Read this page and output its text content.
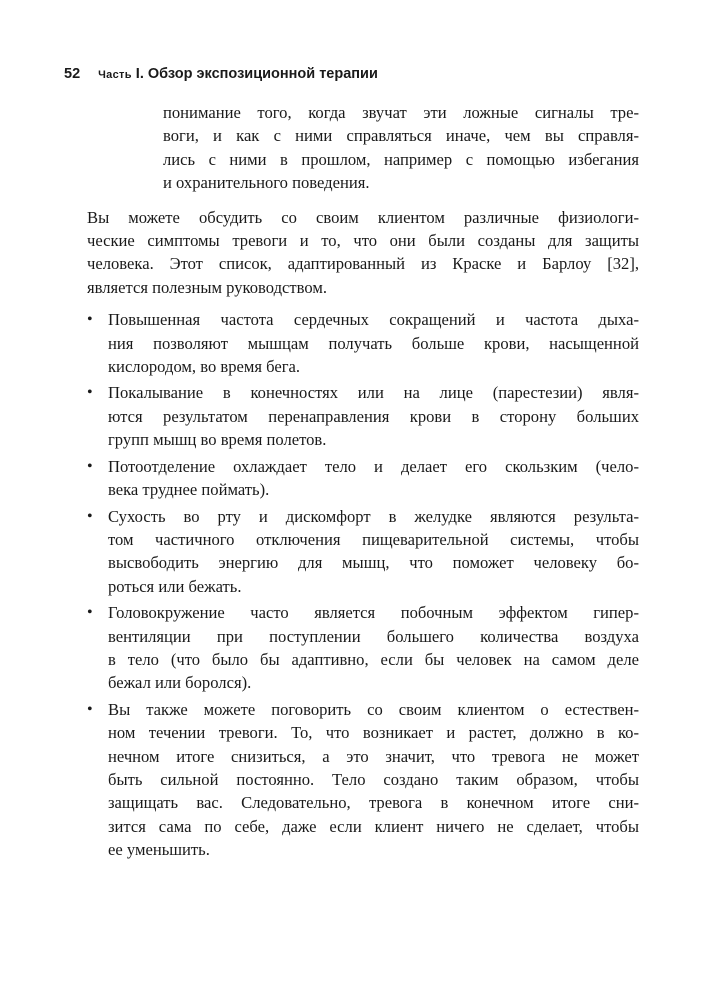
52 Часть I. Обзор экспозиционной терапии

понимание того, когда звучат эти ложные сигналы тре-
воги, и как с ними справляться иначе, чем вы справля-
лись с ними в прошлом, например с помощью избегания
и охранительного поведения.

Вы можете обсудить со своим клиентом различные физиологи-
ческие симптомы тревоги и то, что они были созданы для защиты
человека. Этот список, адаптированный из Краске и Барлоу [32],
является полезным руководством.

• Повышенная частота сердечных сокращений и частота дыха-
ния позволяют мышцам получать больше крови, насыщенной
кислородом, во время бега.
• Покалывание в конечностях или на лице (парестезии) явля-
ются результатом перенаправления крови в сторону больших
групп мышц во время полетов.
• Потоотделение охлаждает тело и делает его скользким (чело-
века труднее поймать).
• Сухость во рту и дискомфорт в желудке являются результа-
том частичного отключения пищеварительной системы, чтобы
высвободить энергию для мышц, что поможет человеку бо-
роться или бежать.
• Головокружение часто является побочным эффектом гипер-
вентиляции при поступлении большего количества воздуха
в тело (что было бы адаптивно, если бы человек на самом деле
бежал или боролся).
• Вы также можете поговорить со своим клиентом о естествен-
ном течении тревоги. То, что возникает и растет, должно в ко-
нечном итоге снизиться, а это значит, что тревога не может
быть сильной постоянно. Тело создано таким образом, чтобы
защищать вас. Следовательно, тревога в конечном итоге сни-
зится сама по себе, даже если клиент ничего не сделает, чтобы
ее уменьшить.
